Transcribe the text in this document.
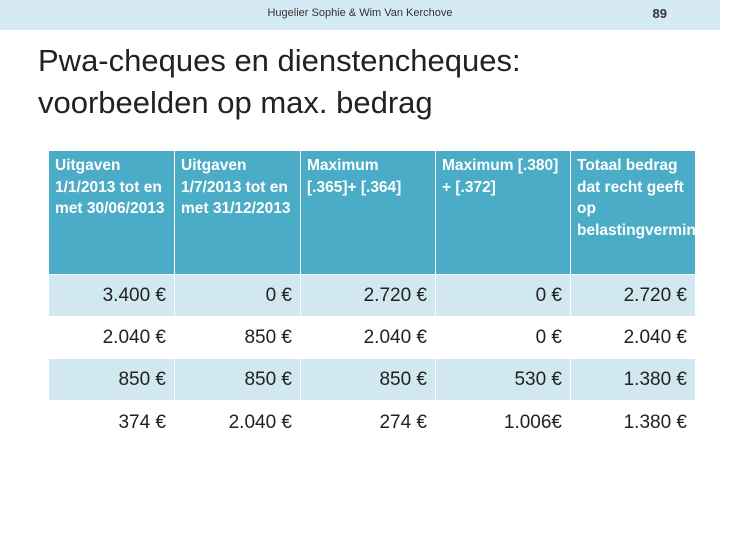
Hugelier Sophie & Wim Van Kerchove	89
Pwa-cheques en dienstencheques:
voorbeelden op max. bedrag
Uitgaven 1/1/2013 tot en met 30/06/2013	Uitgaven 1/7/2013 tot en met 31/12/2013	Maximum [.365]+ [.364]	Maximum [.380] + [.372]	Totaal bedrag dat recht geeft op belastingvermindering
3.400 €	0 €	2.720 €	0 €	2.720 €
2.040 €	850 €	2.040 €	0 €	2.040 €
850 €	850 €	850 €	530 €	1.380 €
374 €	2.040 €	274 €	1.006€	1.380 €
